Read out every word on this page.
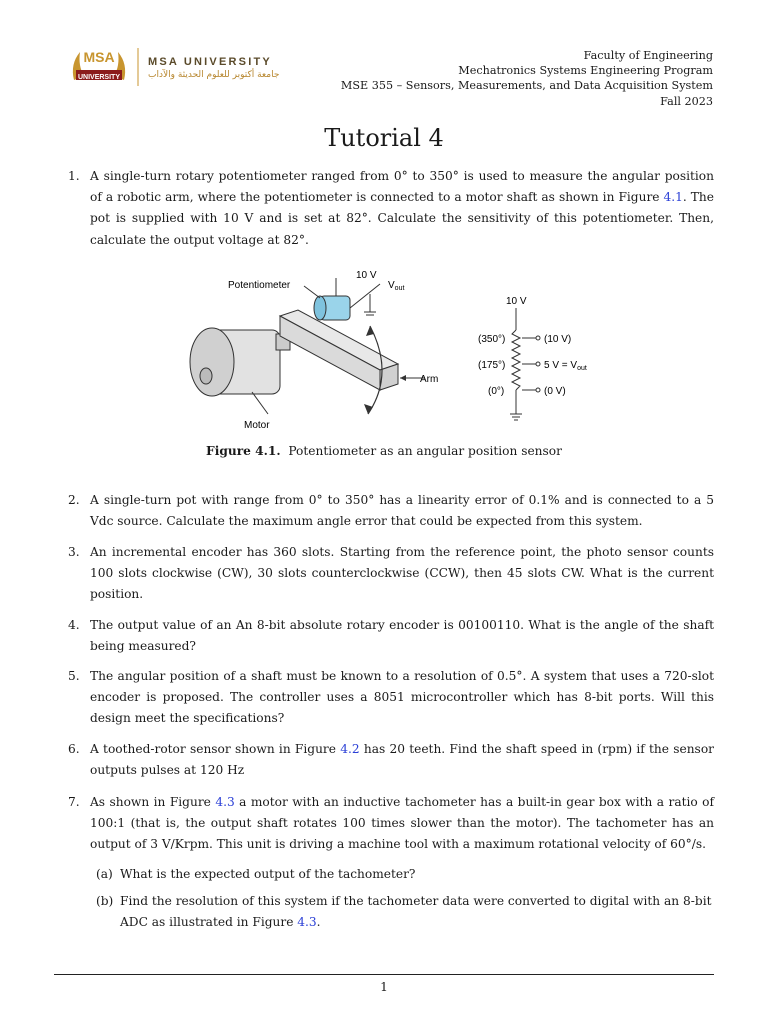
UNIVERSITY
MSA	MSA UNIVERSITY
جامعة أكتوبر للعلوم الحديثة والآداب
Faculty of Engineering
Mechatronics Systems Engineering Program
MSE 355 – Sensors, Measurements, and Data Acquisition System
Fall 2023
Tutorial 4
1. A single-turn rotary potentiometer ranged from 0° to 350° is used to measure the angular position of a robotic arm, where the potentiometer is connected to a motor shaft as shown in Figure 4.1. The pot is supplied with 10 V and is set at 82°. Calculate the sensitivity of this potentiometer. Then, calculate the output voltage at 82°.
Potentiometer
10 V
$V_{out}$
Arm
Motor
10 V
(350°)
(175°)
(0°)
(10 V)
5 $V = V_{out}$
(0 V)
Figure 4.1. Potentiometer as an angular position sensor
2. A single-turn pot with range from 0° to 350° has a linearity error of 0.1% and is connected to a 5 Vdc source. Calculate the maximum angle error that could be expected from this system.
3. An incremental encoder has 360 slots. Starting from the reference point, the photo sensor counts 100 slots clockwise (CW), 30 slots counterclockwise (CCW), then 45 slots CW. What is the current position.
4. The output value of an An 8-bit absolute rotary encoder is 00100110. What is the angle of the shaft being measured?
5. The angular position of a shaft must be known to a resolution of 0.5°. A system that uses a 720-slot encoder is proposed. The controller uses a 8051 microcontroller which has 8-bit ports. Will this design meet the specifications?
6. A toothed-rotor sensor shown in Figure 4.2 has 20 teeth. Find the shaft speed in (rpm) if the sensor outputs pulses at 120 Hz
7. As shown in Figure 4.3 a motor with an inductive tachometer has a built-in gear box with a ratio of 100:1 (that is, the output shaft rotates 100 times slower than the motor). The tachometer has an output of 3 V/Krpm. This unit is driving a machine tool with a maximum rotational velocity of 60°/s.
(a) What is the expected output of the tachometer?
(b) Find the resolution of this system if the tachometer data were converted to digital with an 8-bit ADC as illustrated in Figure 4.3.
1
